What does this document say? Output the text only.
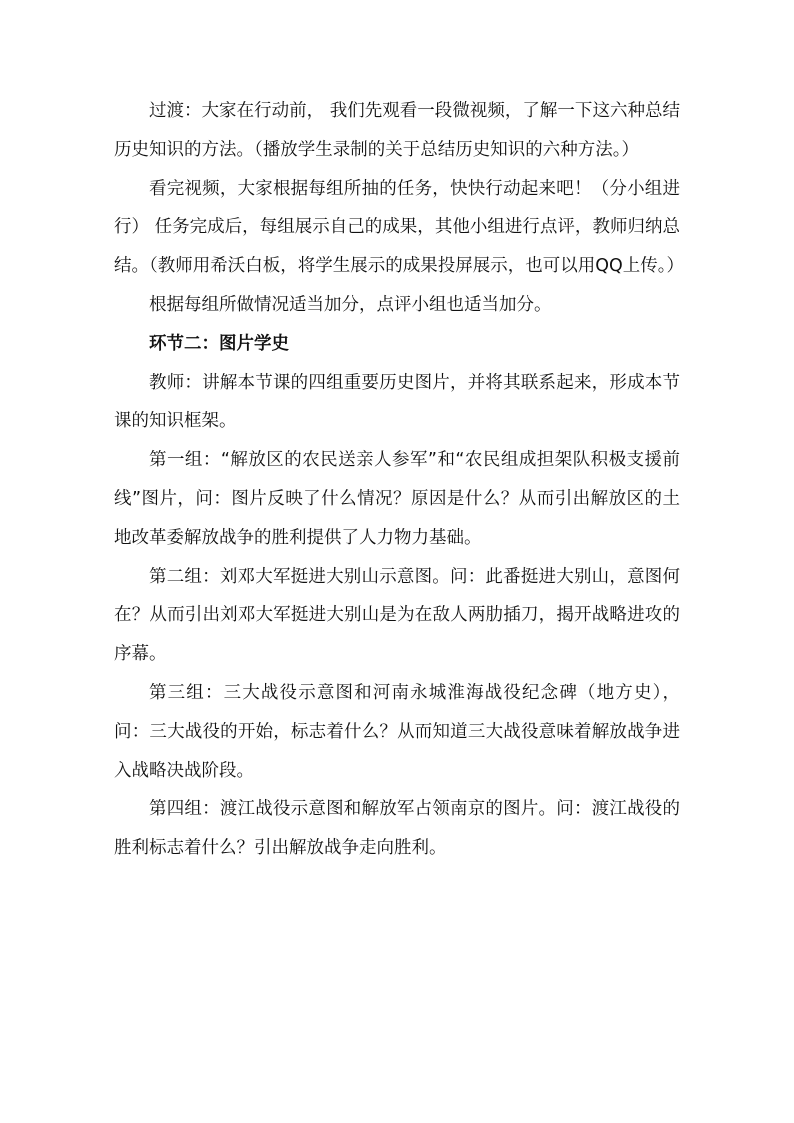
过渡：大家在行动前， 我们先观看一段微视频，了解一下这六种总结历史知识的方法。（播放学生录制的关于总结历史知识的六种方法。）

看完视频，大家根据每组所抽的任务，快快行动起来吧！（分小组进行） 任务完成后，每组展示自己的成果，其他小组进行点评，教师归纳总结。（教师用希沃白板，将学生展示的成果投屏展示，也可以用QQ上传。）

根据每组所做情况适当加分，点评小组也适当加分。

环节二：图片学史

教师：讲解本节课的四组重要历史图片，并将其联系起来，形成本节课的知识框架。

第一组：“解放区的农民送亲人参军”和“农民组成担架队积极支援前线”图片，问：图片反映了什么情况？原因是什么？从而引出解放区的土地改革委解放战争的胜利提供了人力物力基础。

第二组：刘邓大军挺进大别山示意图。问：此番挺进大别山，意图何在？从而引出刘邓大军挺进大别山是为在敌人两肋插刀，揭开战略进攻的序幕。

第三组：三大战役示意图和河南永城淮海战役纪念碑（地方史），问：三大战役的开始，标志着什么？从而知道三大战役意味着解放战争进入战略决战阶段。

第四组：渡江战役示意图和解放军占领南京的图片。问：渡江战役的胜利标志着什么？引出解放战争走向胜利。
